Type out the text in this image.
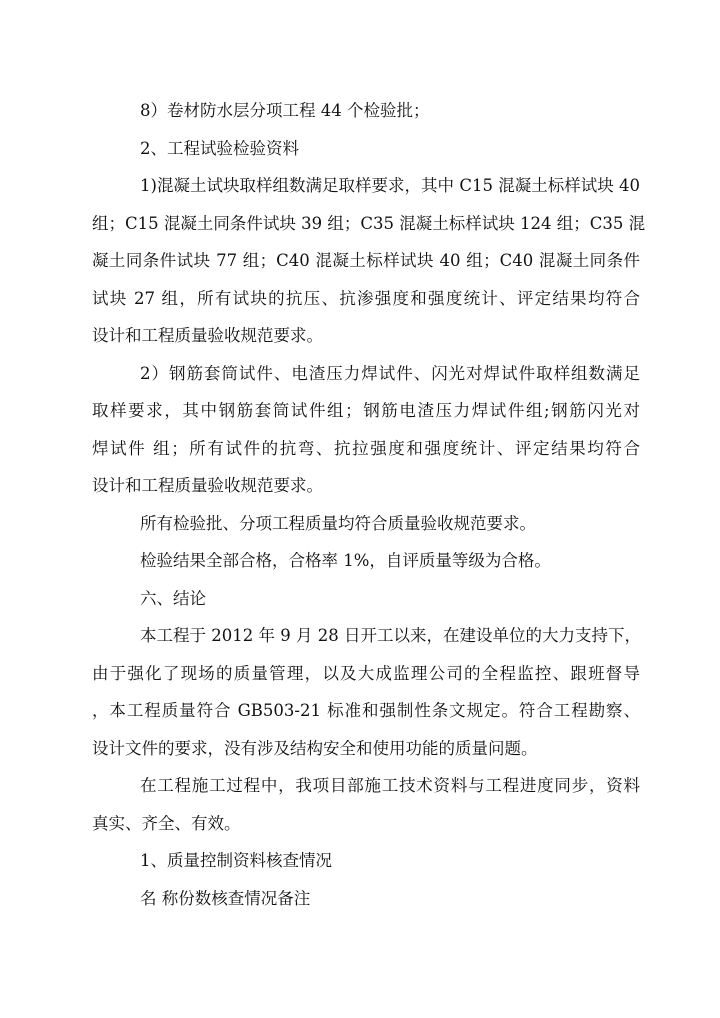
8）卷材防水层分项工程 44 个检验批；
2、工程试验检验资料
1)混凝土试块取样组数满足取样要求，其中 C15 混凝土标样试块 40
组；C15 混凝土同条件试块 39 组；C35 混凝土标样试块 124 组；C35 混
凝土同条件试块 77 组；C40 混凝土标样试块 40 组；C40 混凝土同条件
试块 27 组，所有试块的抗压、抗渗强度和强度统计、评定结果均符合
设计和工程质量验收规范要求。
2）钢筋套筒试件、电渣压力焊试件、闪光对焊试件取样组数满足
取样要求，其中钢筋套筒试件组；钢筋电渣压力焊试件组;钢筋闪光对
焊试件 组；所有试件的抗弯、抗拉强度和强度统计、评定结果均符合
设计和工程质量验收规范要求。
所有检验批、分项工程质量均符合质量验收规范要求。
检验结果全部合格，合格率 1%，自评质量等级为合格。
六、结论
本工程于 2012 年 9 月 28 日开工以来，在建设单位的大力支持下，
由于强化了现场的质量管理，以及大成监理公司的全程监控、跟班督导
，本工程质量符合 GB503-21 标准和强制性条文规定。符合工程勘察、
设计文件的要求，没有涉及结构安全和使用功能的质量问题。
在工程施工过程中，我项目部施工技术资料与工程进度同步，资料
真实、齐全、有效。
1、质量控制资料核查情况
名 称份数核查情况备注
